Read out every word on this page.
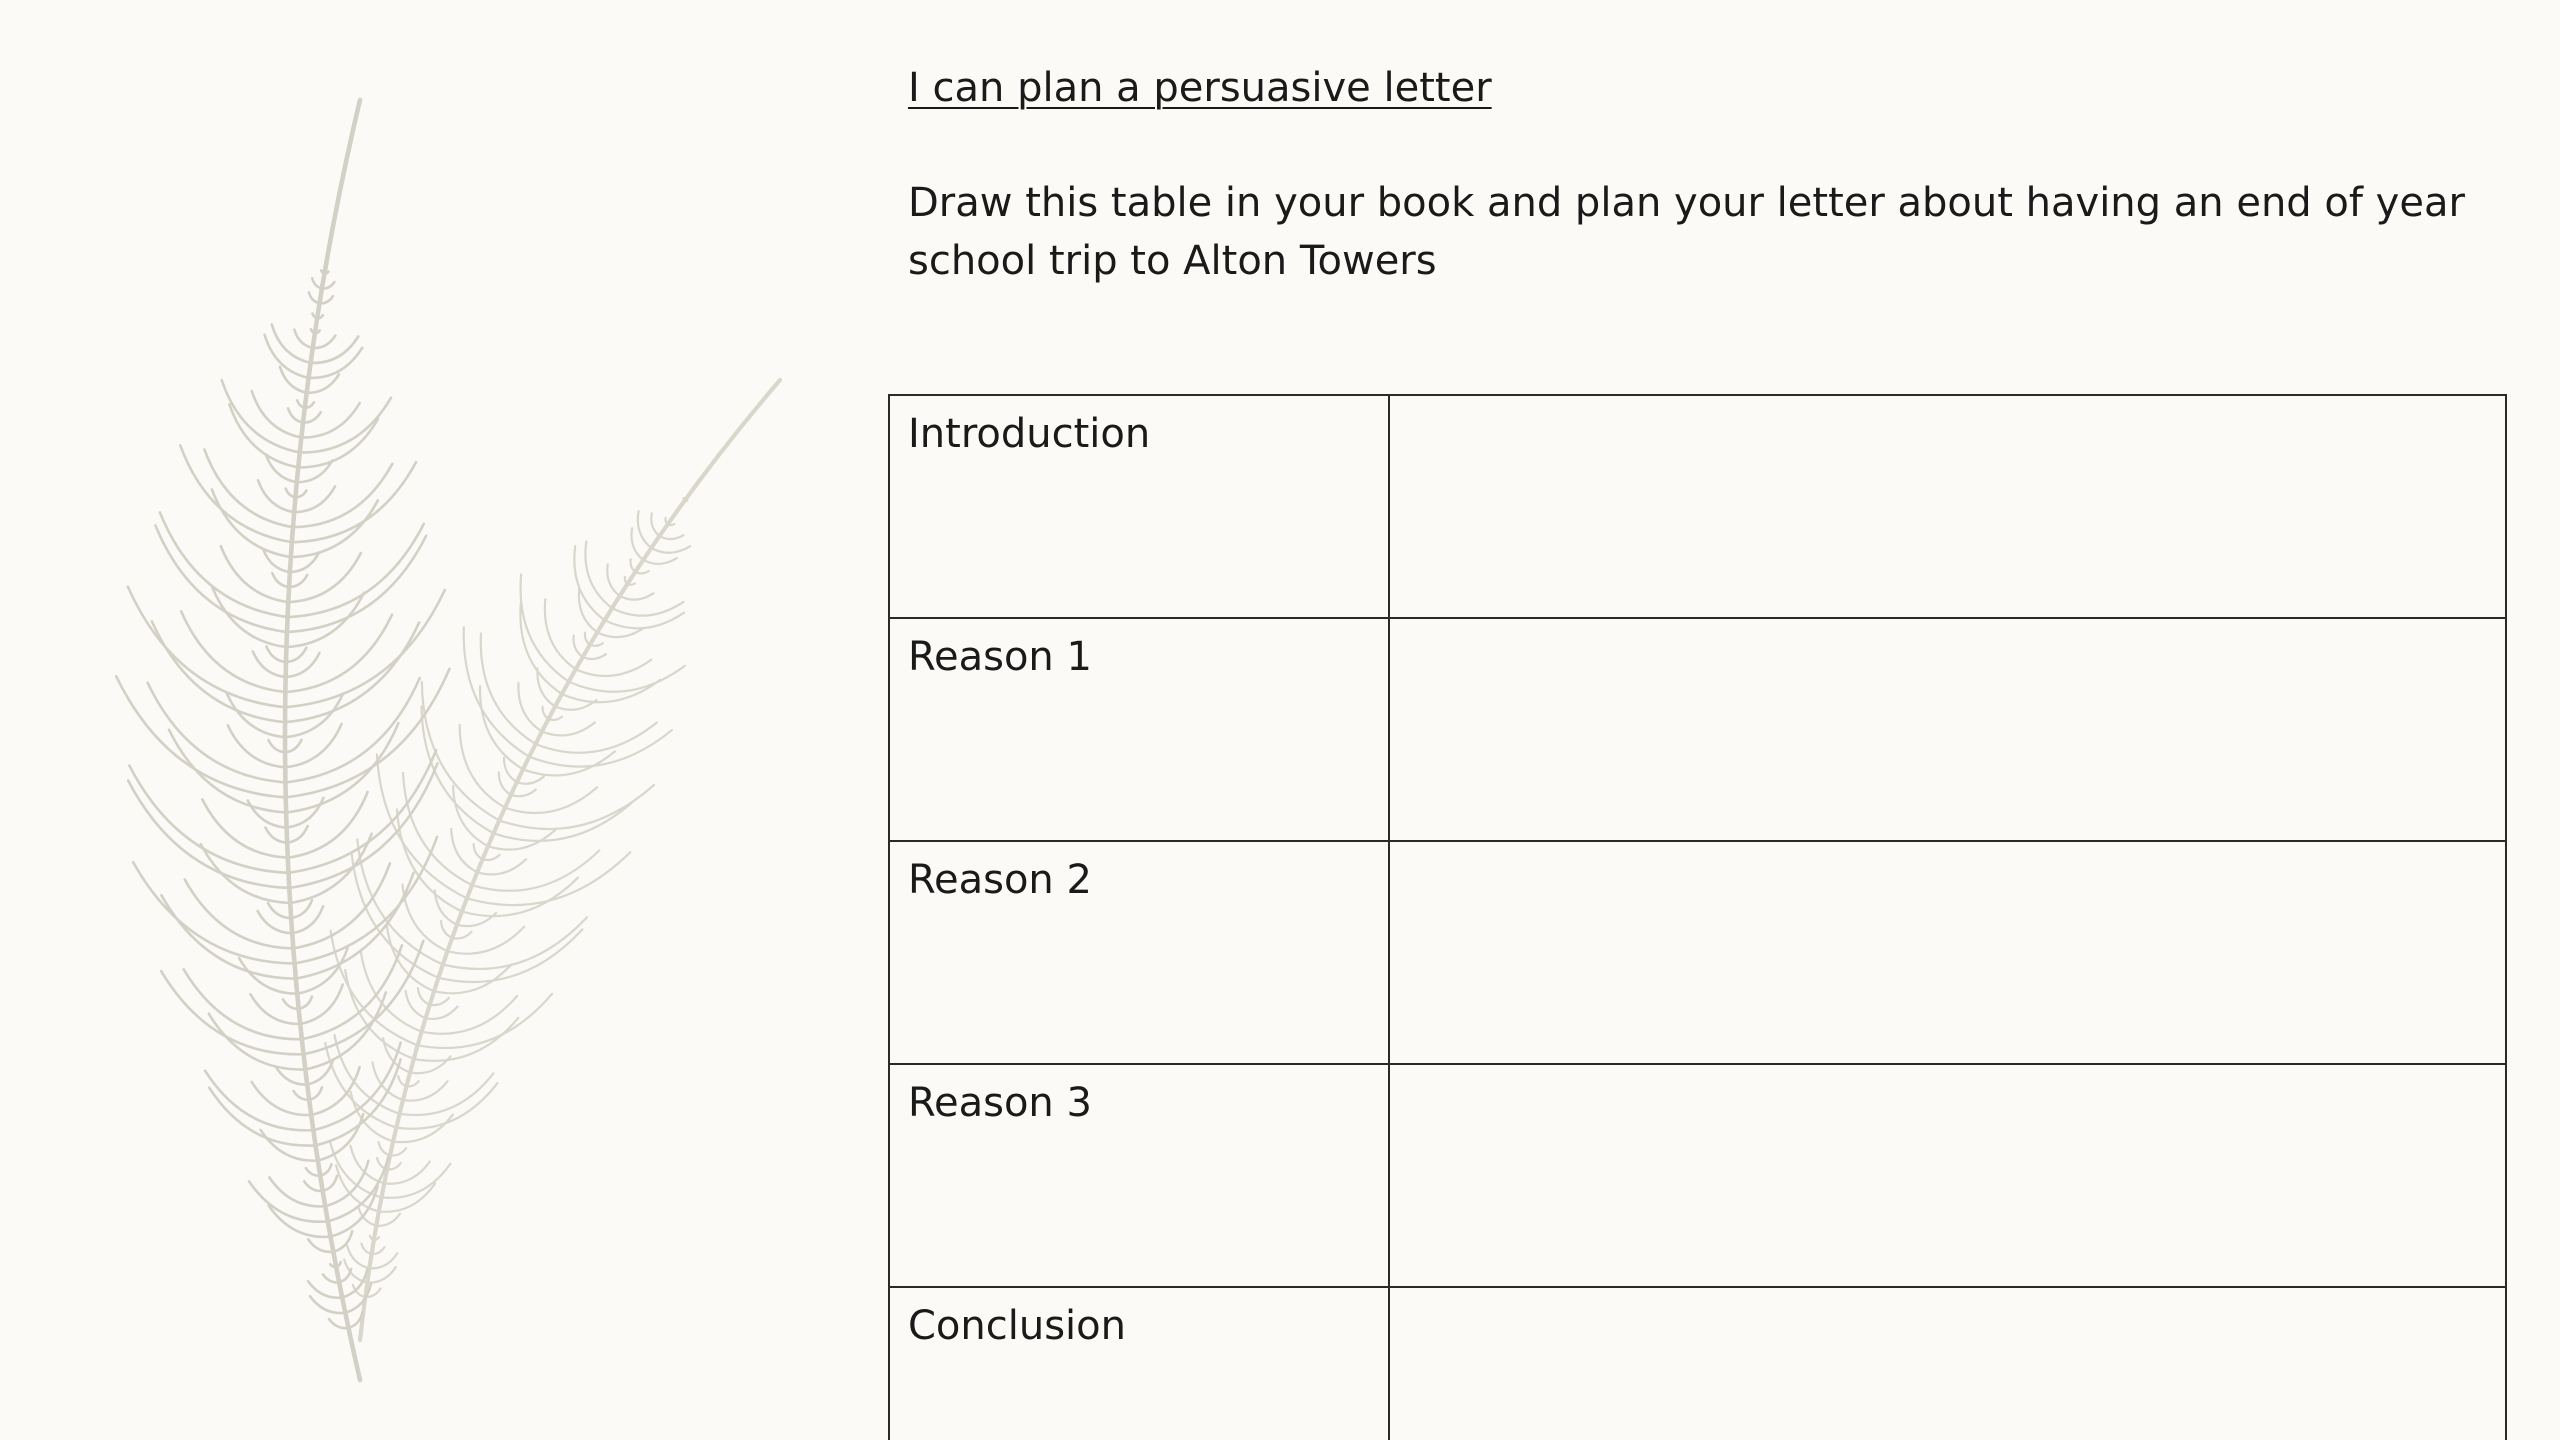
I can plan a persuasive letter
Draw this table in your book and plan your letter about having an end of year school trip to Alton Towers
Introduction	
Reason 1	
Reason 2	
Reason 3	
Conclusion	
